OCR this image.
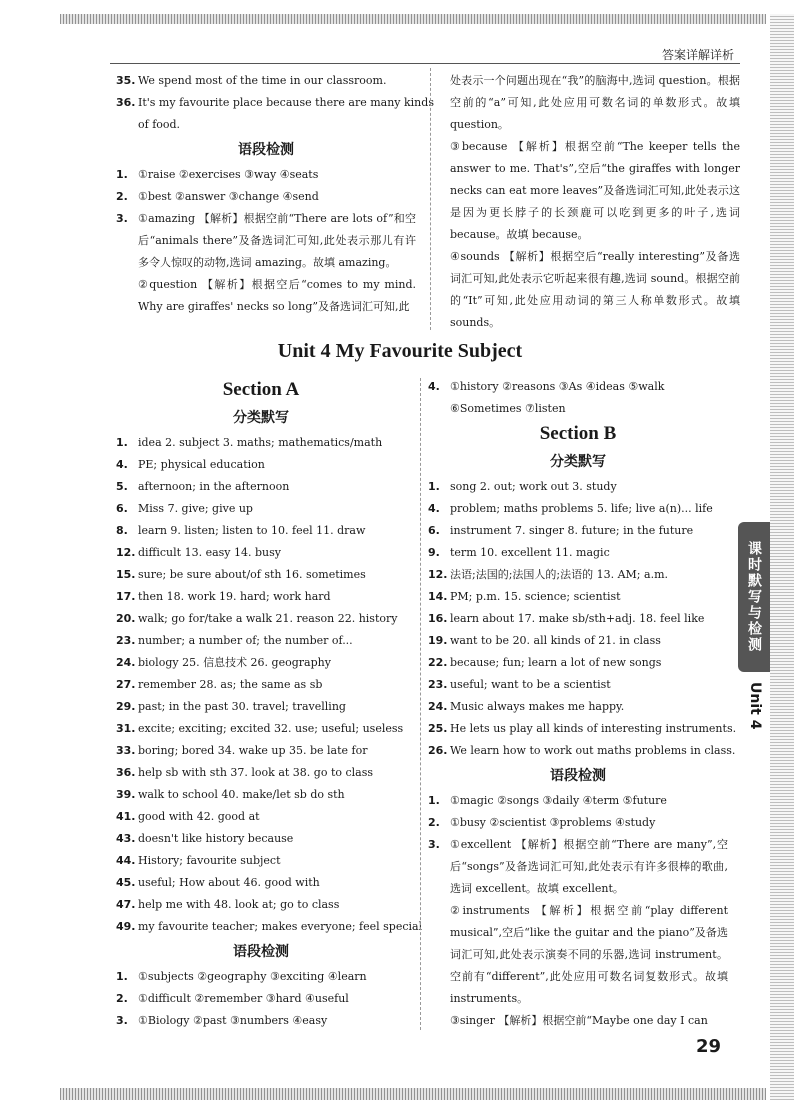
答案详解详析
35. We spend most of the time in our classroom.
36. It's my favourite place because there are many kinds
of food.
语段检测
1. ①raise ②exercises ③way ④seats
2. ①best ②answer ③change ④send
3. ①amazing 【解析】根据空前“There are lots of”和空后“animals there”及备选词汇可知,此处表示那儿有许多令人惊叹的动物,选词 amazing。故填 amazing。
②question 【解析】根据空后“comes to my mind. Why are giraffes' necks so long”及备选词汇可知,此
处表示一个问题出现在“我”的脑海中,选词 question。根据空前的“a”可知,此处应用可数名词的单数形式。故填 question。
③because 【解析】根据空前“The keeper tells the answer to me. That's”,空后“the giraffes with longer necks can eat more leaves”及备选词汇可知,此处表示这是因为更长脖子的长颈鹿可以吃到更多的叶子,选词 because。故填 because。
④sounds 【解析】根据空后“really interesting”及备选词汇可知,此处表示它听起来很有趣,选词 sound。根据空前的“It”可知,此处应用动词的第三人称单数形式。故填 sounds。
Unit 4 My Favourite Subject
Section A
分类默写
1. idea 2. subject 3. maths; mathematics/math
4. PE; physical education
5. afternoon; in the afternoon
6. Miss 7. give; give up
8. learn 9. listen; listen to 10. feel 11. draw
12. difficult 13. easy 14. busy
15. sure; be sure about/of sth 16. sometimes
17. then 18. work 19. hard; work hard
20. walk; go for/take a walk 21. reason 22. history
23. number; a number of; the number of...
24. biology 25. 信息技术 26. geography
27. remember 28. as; the same as sb
29. past; in the past 30. travel; travelling
31. excite; exciting; excited 32. use; useful; useless
33. boring; bored 34. wake up 35. be late for
36. help sb with sth 37. look at 38. go to class
39. walk to school 40. make/let sb do sth
41. good with 42. good at
43. doesn't like history because
44. History; favourite subject
45. useful; How about 46. good with
47. help me with 48. look at; go to class
49. my favourite teacher; makes everyone; feel special
语段检测
1. ①subjects ②geography ③exciting ④learn
2. ①difficult ②remember ③hard ④useful
3. ①Biology ②past ③numbers ④easy
4. ①history ②reasons ③As ④ideas ⑤walk
⑥Sometimes ⑦listen
Section B
分类默写
1. song 2. out; work out 3. study
4. problem; maths problems 5. life; live a(n)... life
6. instrument 7. singer 8. future; in the future
9. term 10. excellent 11. magic
12. 法语;法国的;法国人的;法语的 13. AM; a.m.
14. PM; p.m. 15. science; scientist
16. learn about 17. make sb/sth+adj. 18. feel like
19. want to be 20. all kinds of 21. in class
22. because; fun; learn a lot of new songs
23. useful; want to be a scientist
24. Music always makes me happy.
25. He lets us play all kinds of interesting instruments.
26. We learn how to work out maths problems in class.
语段检测
1. ①magic ②songs ③daily ④term ⑤future
2. ①busy ②scientist ③problems ④study
3. ①excellent 【解析】根据空前“There are many”,空后“songs”及备选词汇可知,此处表示有许多很棒的歌曲,选词 excellent。故填 excellent。
②instruments 【解析】根据空前“play different musical”,空后“like the guitar and the piano”及备选词汇可知,此处表示演奏不同的乐器,选词 instrument。空前有“different”,此处应用可数名词复数形式。故填 instruments。
③singer 【解析】根据空前“Maybe one day I can
课时默写与检测
Unit 4
29
